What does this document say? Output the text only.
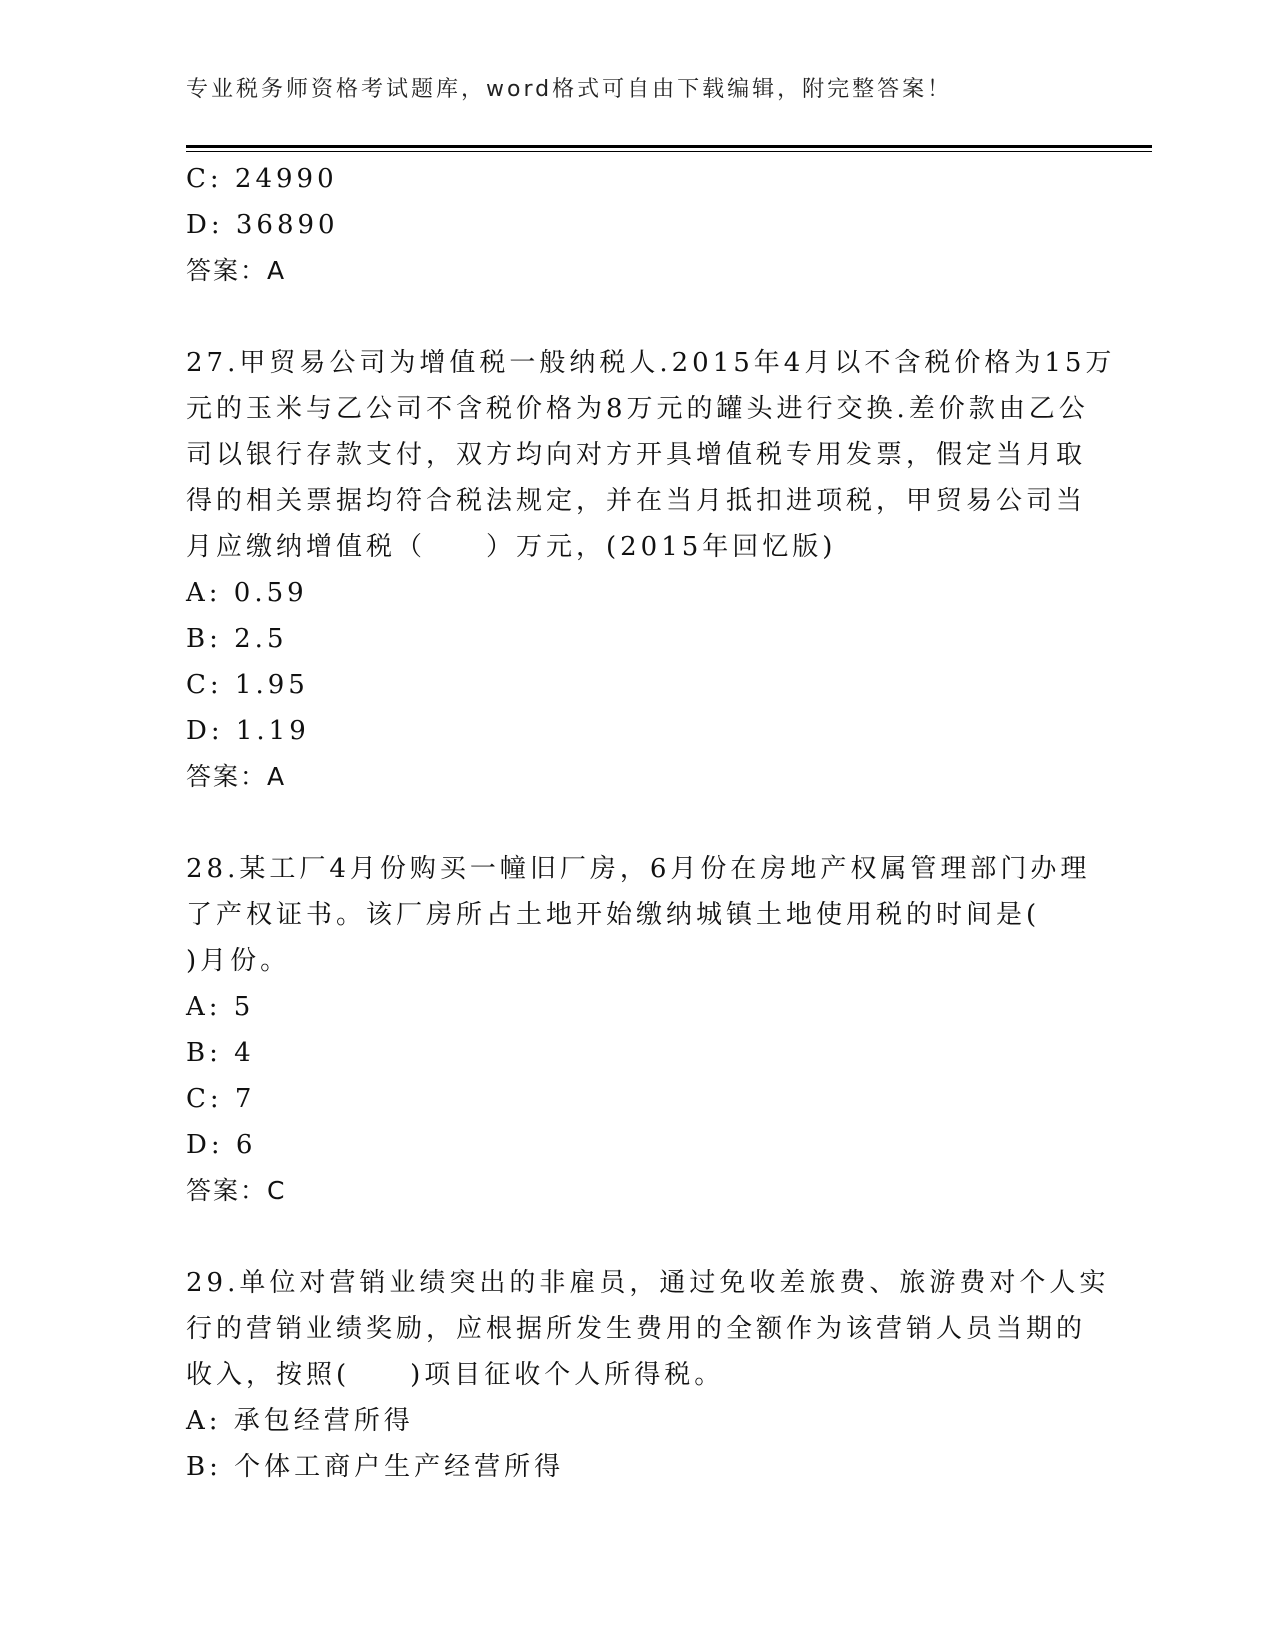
专业税务师资格考试题库，word格式可自由下载编辑，附完整答案！
C: 24990
D: 36890
答案：A
27.甲贸易公司为增值税一般纳税人.2015年4月以不含税价格为15万
元的玉米与乙公司不含税价格为8万元的罐头进行交换.差价款由乙公
司以银行存款支付，双方均向对方开具增值税专用发票，假定当月取
得的相关票据均符合税法规定，并在当月抵扣进项税，甲贸易公司当
月应缴纳增值税（　　）万元，(2015年回忆版)
A: 0.59
B: 2.5
C: 1.95
D: 1.19
答案：A
28.某工厂4月份购买一幢旧厂房，6月份在房地产权属管理部门办理
了产权证书。该厂房所占土地开始缴纳城镇土地使用税的时间是(
)月份。
A: 5
B: 4
C: 7
D: 6
答案：C
29.单位对营销业绩突出的非雇员，通过免收差旅费、旅游费对个人实
行的营销业绩奖励，应根据所发生费用的全额作为该营销人员当期的
收入，按照(　　)项目征收个人所得税。
A: 承包经营所得
B: 个体工商户生产经营所得
